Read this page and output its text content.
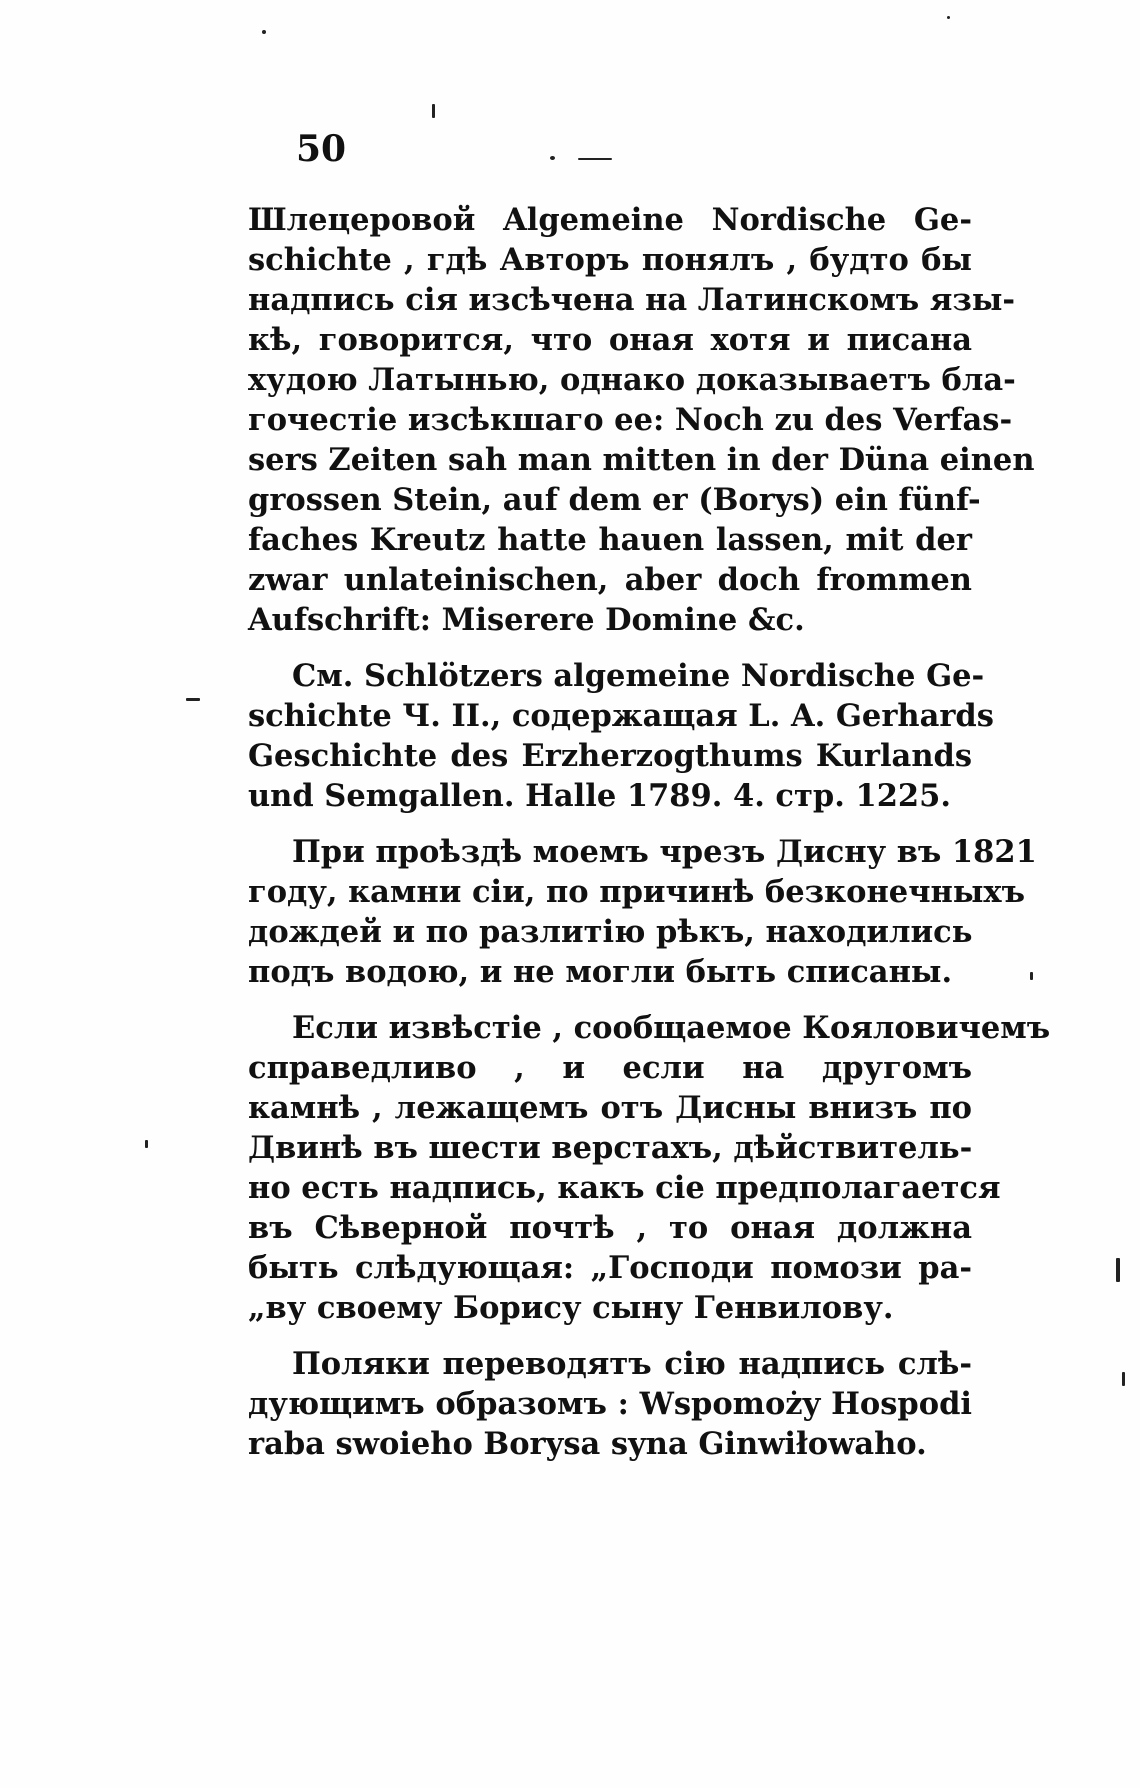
50
Шлецеровой Algemeine Nordische Ge-
schichte , гдѣ Авторъ понялъ , будто бы
надпись сія изсѣчена на Латинскомъ язы-
кѣ, говорится, что оная хотя и писана
худою Латынью, однако доказываетъ бла-
гочестіе изсѣкшаго ее: Noch zu des Verfas-
sers Zeiten sah man mitten in der Düna einen
grossen Stein, auf dem er (Borys) ein fünf-
faches Kreutz hatte hauen lassen, mit der
zwar unlateinischen, aber doch frommen
Aufschrift: Miserere Domine &c.
См. Schlötzers algemeine Nordische Ge-
schichte Ч. II., содержащая L. A. Gerhards
Geschichte des Erzherzogthums Kurlands
und Semgallen. Halle 1789. 4. стр. 1225.
При проѣздѣ моемъ чрезъ Дисну въ 1821
году, камни сіи, по причинѣ безконечныхъ
дождей и по разлитію рѣкъ, находились
подъ водою, и не могли быть списаны.
Если извѣстіе , сообщаемое Кояловичемъ
справедливо , и если на другомъ
камнѣ , лежащемъ отъ Дисны внизъ по
Двинѣ въ шести верстахъ, дѣйствитель-
но есть надпись, какъ сіе предполагается
въ Сѣверной почтѣ , то оная должна
быть слѣдующая: „Господи помози ра-
„ву своему Борису сыну Генвилову.
Поляки переводятъ сію надпись слѣ-
дующимъ образомъ : Wspomoży Hospodi
raba swoieho Borysa syna Ginwiłowaho.
